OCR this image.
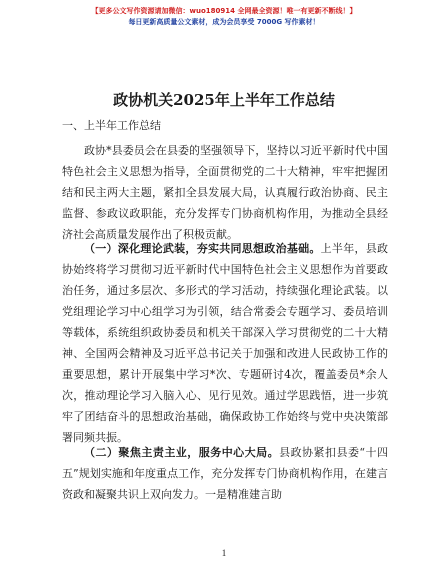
【更多公文写作资源请加微信：wuo180914 全网最全资源！唯一有更新不断线！】
每日更新高质量公文素材，成为会员享受 7000G 写作素材！
政协机关2025年上半年工作总结
一、上半年工作总结

政协*县委员会在县委的坚强领导下，坚持以习近平新时代中国特色社会主义思想为指导，全面贯彻党的二十大精神，牢牢把握团结和民主两大主题，紧扣全县发展大局，认真履行政治协商、民主监督、参政议政职能，充分发挥专门协商机构作用，为推动全县经济社会高质量发展作出了积极贡献。

（一）深化理论武装，夯实共同思想政治基础。上半年，县政协始终将学习贯彻习近平新时代中国特色社会主义思想作为首要政治任务，通过多层次、多形式的学习活动，持续强化理论武装。以党组理论学习中心组学习为引领，结合常委会专题学习、委员培训等载体，系统组织政协委员和机关干部深入学习贯彻党的二十大精神、全国两会精神及习近平总书记关于加强和改进人民政协工作的重要思想，累计开展集中学习*次、专题研讨4次，覆盖委员*余人次，推动理论学习入脑入心、见行见效。通过学思践悟，进一步筑牢了团结奋斗的思想政治基础，确保政协工作始终与党中央决策部署同频共振。

（二）聚焦主责主业，服务中心大局。县政协紧扣县委“十四五”规划实施和年度重点工作，充分发挥专门协商机构作用，在建言资政和凝聚共识上双向发力。一是精准建言助

1
